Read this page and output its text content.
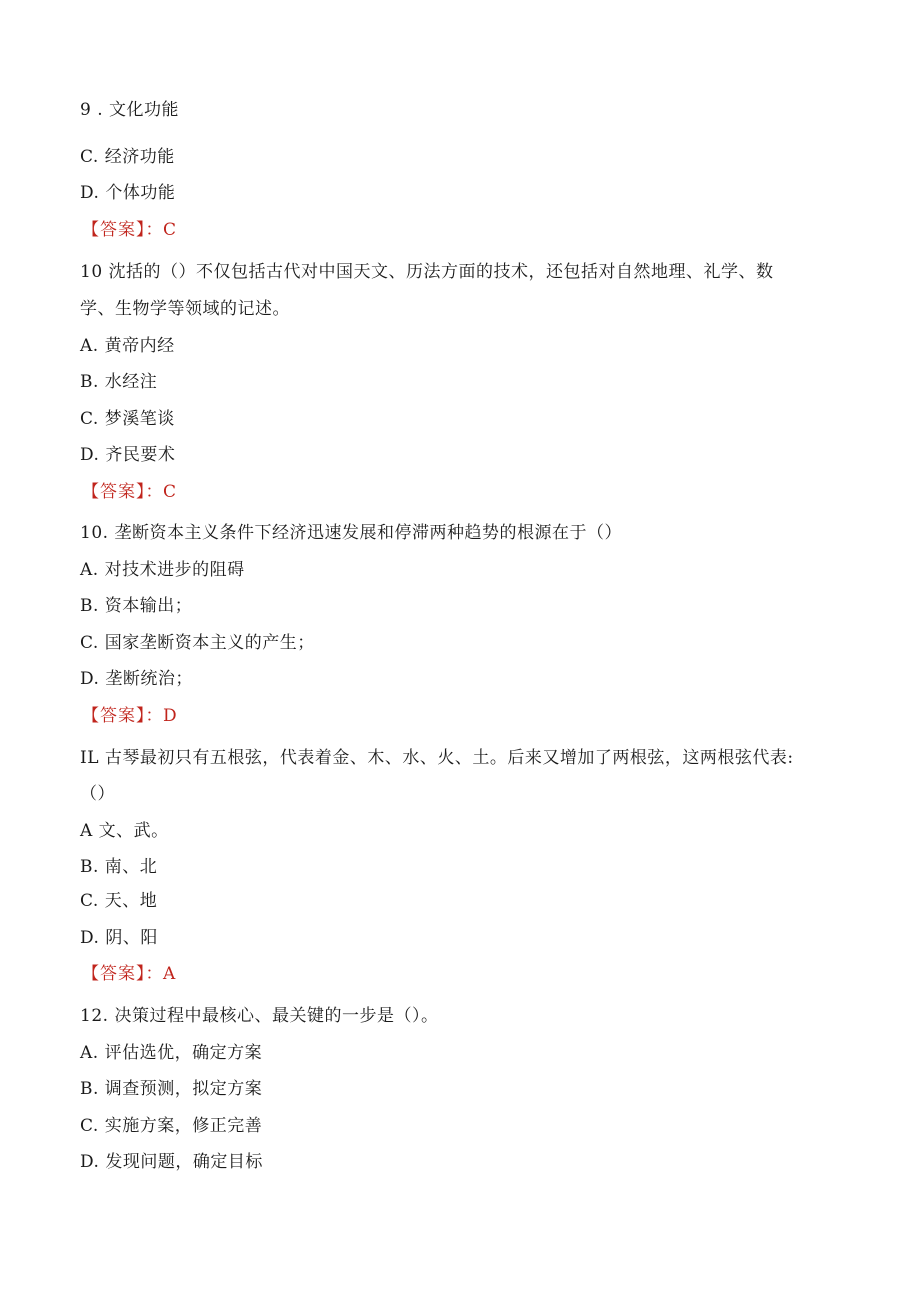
9 . 文化功能
C. 经济功能
D. 个体功能
【答案】：C
10 沈括的（）不仅包括古代对中国天文、历法方面的技术，还包括对自然地理、礼学、数
学、生物学等领域的记述。
A. 黄帝内经
B. 水经注
C. 梦溪笔谈
D. 齐民要术
【答案】：C
10. 垄断资本主义条件下经济迅速发展和停滞两种趋势的根源在于（）
A. 对技术进步的阻碍
B. 资本输出；
C. 国家垄断资本主义的产生；
D. 垄断统治；
【答案】：D
IL 古琴最初只有五根弦，代表着金、木、水、火、土。后来又增加了两根弦，这两根弦代表:
（）
A 文、武。
B. 南、北
C. 天、地
D. 阴、阳
【答案】：A
12. 决策过程中最核心、最关键的一步是（）。
A. 评估选优，确定方案
B. 调查预测，拟定方案
C. 实施方案，修正完善
D. 发现问题，确定目标
